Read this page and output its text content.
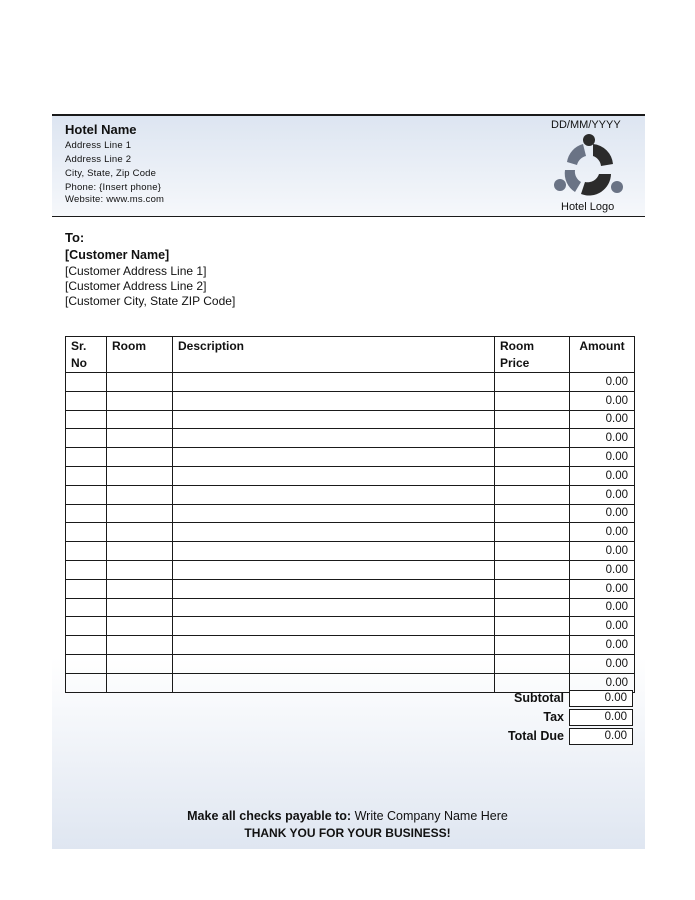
Hotel Name
Address Line 1
Address Line 2
City, State, Zip Code
Phone: {Insert phone}
Website: www.ms.com
DD/MM/YYYY
Hotel Logo
To:
[Customer Name]
[Customer Address Line 1]
[Customer Address Line 2]
[Customer City, State ZIP Code]
Sr. No	Room	Description	Room Price	Amount
				0.00
				0.00
				0.00
				0.00
				0.00
				0.00
				0.00
				0.00
				0.00
				0.00
				0.00
				0.00
				0.00
				0.00
				0.00
				0.00
				0.00
Subtotal	0.00
Tax	0.00
Total Due	0.00
Make all checks payable to: Write Company Name Here
THANK YOU FOR YOUR BUSINESS!
